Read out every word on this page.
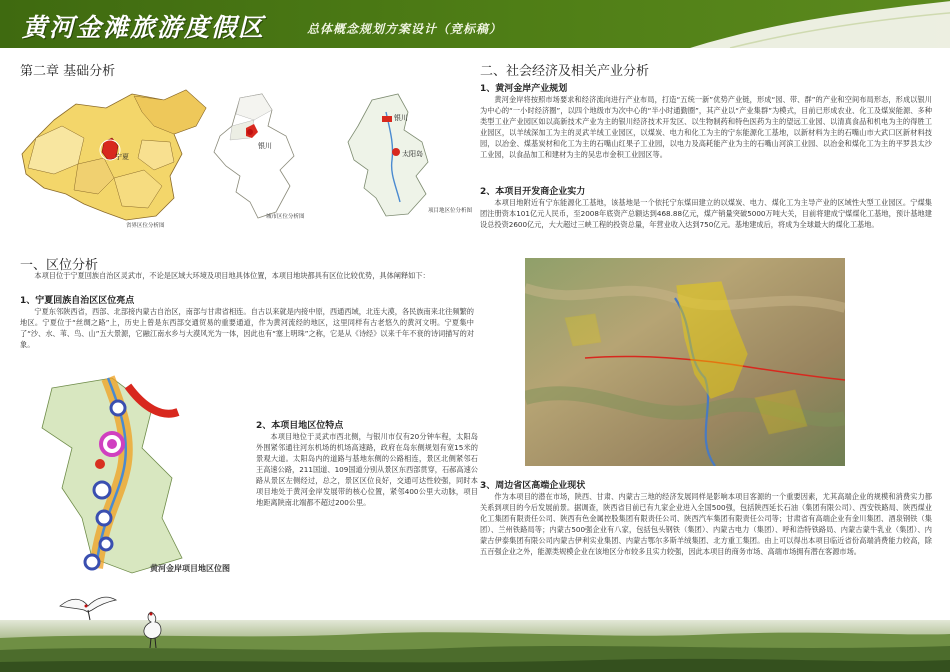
黄河金滩旅游度假区	总体概念规划方案设计（竞标稿）
第二章 基础分析
宁夏
省界区位分析图
银川
城市区位分析图
银川
太阳岛
项目地区位分析图
一、区位分析
本项目位于宁夏回族自治区灵武市，不论是区域大环境及项目地具体位置，本项目地块都具有区位比较优势，具体阐释如下：
1、宁夏回族自治区区位亮点
宁夏东邻陕西省，西部、北部接内蒙古自治区，南部与甘肃省相连。自古以来就是内接中原，西通西域，北连大漠，各民族南来北往频繁的地区。宁夏位于“丝绸之路”上，历史上曾是东西部交通贸易的重要通道，作为黄河流经的地区，这里同样有古老悠久的黄河文明。宁夏集中了“沙、水、苇、鸟、山”五大景源，它融江南水乡与大漠风光为一体，因此也有“塞上明珠”之称，它是从《诗经》以来千年不衰的诗词描写的对象。
黄河金岸项目地区位图
2、本项目地区位特点
本项目地位于灵武市西北侧，与银川市仅有20分钟车程，太阳岛外围紧邻通往河东机场的机场高速路，政府在岛东侧规划有宽15米的景观大道。太阳岛内的道路与基地东侧的公路相连，景区北侧紧邻石王高速公路，211国道、109国道分别从景区东西部贯穿，石郝高速公路从景区左侧经过，总之，景区区位良好，交通可达性较强，同时本项目地处于黄河金岸发展带的核心位置，紧邻400公里大动脉，项目地距离陕南北端都不超过200公里。
二、社会经济及相关产业分析
1、黄河金岸产业规划
黄河金岸将按照市场要求和经济流向进行产业布局，打造“五统一新”优势产业链，形成“园、带、群”的产业和空间布局形态，形成以银川为中心的“一小时经济圈”，以四个地级市为次中心的“半小时通勤圈”，其产业以“产业集群”为模式，目前已形成农业、化工及煤炭能源、多种类型工业产业园区如以高新技术产业为主的银川经济技术开发区、以生物制药和特色医药为主的望远工业园、以清真食品和机电为主的得胜工业园区，以羊绒深加工为主的灵武羊绒工业园区，以煤炭、电力和化工为主的宁东能源化工基地，以新材料为主的石嘴山市大武口区新材料技园，以冶金、煤基炭材和化工为主的石嘴山红果子工业园，以电力及高耗能产业为主的石嘴山河滨工业园、以冶金和煤化工为主的平罗县太沙工业园，以食品加工和建材为主的吴忠市金积工业园区等。
2、本项目开发商企业实力
本项目地附近有宁东能源化工基地，该基地是一个依托宁东煤田建立的以煤炭、电力、煤化工为主导产业的区域性大型工业园区。宁煤集团注册资本101亿元人民币，至2008年底资产总额达到468.88亿元，煤产销量突破5000万吨大关，目前将建成宁煤煤化工基地，预计基地建设总投资2600亿元，大大超过三峡工程的投资总量，年营业收入达到750亿元。基地建成后，将成为全球最大的煤化工基地。
3、周边省区高端企业现状
作为本项目的潜在市场，陕西、甘肃、内蒙古三地的经济发展同样是影响本项目客源的一个重要因素，尤其高端企业的规模和消费实力都关系到项目的今后发展前景。据调查，陕西省目前已有九家企业进入全国500强，包括陕西延长石油（集团有限公司）、西安铁路局、陕西煤业化工集团有限责任公司、陕西有色金属控股集团有限责任公司、陕西汽车集团有限责任公司等；甘肃省有高端企业有金川集团、酒泉钢铁（集团）、兰州铁路局等；内蒙古500强企业有八家，包括包头钢铁（集团）、内蒙古电力（集团）、呼和浩特铁路局、内蒙古蒙牛乳业（集团）、内蒙古伊泰集团有限公司内蒙古伊利实业集团、内蒙古鄂尔多斯羊绒集团、北方重工集团。由上可以得出本项目临近省份高端消费能力较高，除五百强企业之外，能源类规模企业在该地区分布较多且实力较强，因此本项目的商务市场、高端市场拥有潜在客源市场。
